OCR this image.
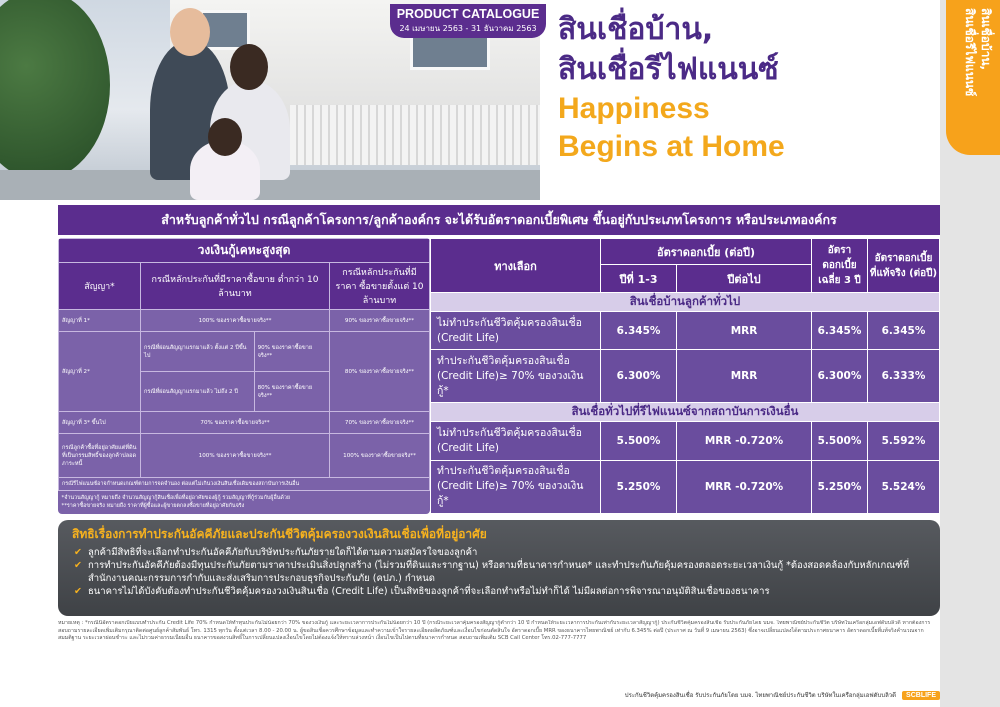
PRODUCT CATALOGUE
24 เมษายน 2563 - 31 ธันวาคม 2563 สินเชื่อบ้าน,
สินเชื่อรีไฟแนนซ์
Happiness
Begins at Home
สินเชื่อบ้าน,
สินเชื่อรีไฟแนนซ์
สำหรับลูกค้าทั่วไป กรณีลูกค้าโครงการ/ลูกค้าองค์กร จะได้รับอัตราดอกเบี้ยพิเศษ ขึ้นอยู่กับประเภทโครงการ หรือประเภทองค์กร
วงเงินกู้เคหะสูงสุด			
สัญญา*	กรณีหลักประกันที่มีราคาซื้อขาย ต่ำกว่า 10 ล้านบาท		กรณีหลักประกันที่มีราคา ซื้อขายตั้งแต่ 10 ล้านบาท
สัญญาที่ 1*	100% ของราคาซื้อขายจริง**		90% ของราคาซื้อขายจริง**
สัญญาที่ 2*	กรณีที่ผ่อนสัญญาแรกมาแล้ว ตั้งแต่ 2 ปีขึ้นไป	90% ของราคาซื้อขายจริง**	80% ของราคาซื้อขายจริง**
	กรณีที่ผ่อนสัญญาแรกมาแล้ว ไม่ถึง 2 ปี	80% ของราคาซื้อขายจริง**	
สัญญาที่ 3* ขึ้นไป	70% ของราคาซื้อขายจริง**		70% ของราคาซื้อขายจริง**
กรณีลูกค้าซื้อที่อยู่อาศัยแต่ที่ดินที่เป็นกรรมสิทธิ์ของลูกค้าปลอดภาระหนี้	100% ของราคาซื้อขายจริง**		100% ของราคาซื้อขายจริง**
กรณีรีไฟแนนซ์อาจกำหนดเกณฑ์ตามการจดจำนอง ต่อแต่ไม่เกินวงเงินสินเชื่อเดิมของสถาบันการเงินอื่น			

*จำนวนสัญญากู้ หมายถึง จำนวนสัญญากู้สินเชื่อเพื่อที่อยู่อาศัยของผู้กู้ รวมสัญญาที่กู้ร่วมกับผู้อื่นด้วย
**ราคาซื้อขายจริง หมายถึง ราคาที่ผู้ซื้อและผู้ขายตกลงซื้อขายที่อยู่อาศัยกันจริง			
ทางเลือก	อัตราดอกเบี้ย (ต่อปี)		อัตราดอกเบี้ยเฉลี่ย 3 ปี	อัตราดอกเบี้ยที่แท้จริง (ต่อปี)
	ปีที่ 1-3	ปีต่อไป		
สินเชื่อบ้านลูกค้าทั่วไป				

ไม่ทำประกันชีวิตคุ้มครองสินเชื่อ
(Credit Life)	6.345%	MRR	6.345%	6.345%

ทำประกันชีวิตคุ้มครองสินเชื่อ
(Credit Life)≥ 70% ของวงเงินกู้*	6.300%	MRR	6.300%	6.333%
สินเชื่อทั่วไปที่รีไฟแนนซ์จากสถาบันการเงินอื่น				

ไม่ทำประกันชีวิตคุ้มครองสินเชื่อ
(Credit Life)	5.500%	MRR -0.720%	5.500%	5.592%

ทำประกันชีวิตคุ้มครองสินเชื่อ
(Credit Life)≥ 70% ของวงเงินกู้*	5.250%	MRR -0.720%	5.250%	5.524%
สิทธิเรื่องการทำประกันอัคคีภัยและประกันชีวิตคุ้มครองวงเงินสินเชื่อเพื่อที่อยู่อาศัย
✔ ลูกค้ามีสิทธิที่จะเลือกทำประกันอัคคีภัยกับบริษัทประกันภัยรายใดก็ได้ตามความสมัครใจของลูกค้า
✔ การทำประกันอัคคีภัยต้องมีทุนประกันภัยตามราคาประเมินสิ่งปลูกสร้าง (ไม่รวมที่ดินและรากฐาน) หรือตามที่ธนาคารกำหนด* และทำประกันภัยคุ้มครองตลอดระยะเวลาเงินกู้ *ต้องสอดคล้องกับหลักเกณฑ์ที่สำนักงานคณะกรรมการกำกับและส่งเสริมการประกอบธุรกิจประกันภัย (คปภ.) กำหนด
✔ ธนาคารไม่ได้บังคับต้องทำประกันชีวิตคุ้มครองวงเงินสินเชื่อ (Credit Life) เป็นสิทธิของลูกค้าที่จะเลือกทำหรือไม่ทำก็ได้ ไม่มีผลต่อการพิจารณาอนุมัติสินเชื่อของธนาคาร
หมายเหตุ : *กรณีนี้อัตราดอกเบี้ยแบบทำประกัน Credit Life 70% กำหนดให้ทำทุนประกันไม่น้อยกว่า 70% ของวงเงินกู้ และระยะเวลาการประกันไม่น้อยกว่า 10 ปี (กรณีระยะเวลาคุ้มครองสัญญากู้ต่ำกว่า 10 ปี กำหนดให้ระยะเวลาการประกันเท่ากับระยะเวลาสัญญากู้) ประกันชีวิตคุ้มครองสินเชื่อ รับประกันภัยโดย บมจ. ไทยพาณิชย์ประกันชีวิต บริษัทในเครือกลุ่มเอฟดับบลิวดี หากต้องการสอบถามรายละเอียดเพิ่มเติมกรุณาติดต่อศูนย์ลูกค้าสัมพันธ์ โทร. 1315 ทุกวัน ตั้งแต่เวลา 8.00 - 20.00 น. ผู้ขอสินเชื่อควรศึกษาข้อมูลและทำความเข้าใจรายละเอียดผลิตภัณฑ์และเงื่อนไขก่อนตัดสินใจ อัตราดอกเบี้ย MRR ของธนาคารไทยพาณิชย์ เท่ากับ 6.345% ต่อปี (ประกาศ ณ วันที่ 9 เมษายน 2563) ซึ่งอาจเปลี่ยนแปลงได้ตามประกาศธนาคาร อัตราดอกเบี้ยที่แท้จริงคำนวณจากสมมติฐาน ระยะเวลาผ่อนชำระ และไม่รวมค่าธรรมเนียมอื่น ธนาคารขอสงวนสิทธิ์ในการเปลี่ยนแปลงเงื่อนไขโดยไม่ต้องแจ้งให้ทราบล่วงหน้า เงื่อนไขเป็นไปตามที่ธนาคารกำหนด สอบถามเพิ่มเติม SCB Call Center โทร.02-777-7777
ประกันชีวิตคุ้มครองสินเชื่อ รับประกันภัยโดย บมจ. ไทยพาณิชย์ประกันชีวิต บริษัทในเครือกลุ่มเอฟดับบลิวดี	SCBLIFE
